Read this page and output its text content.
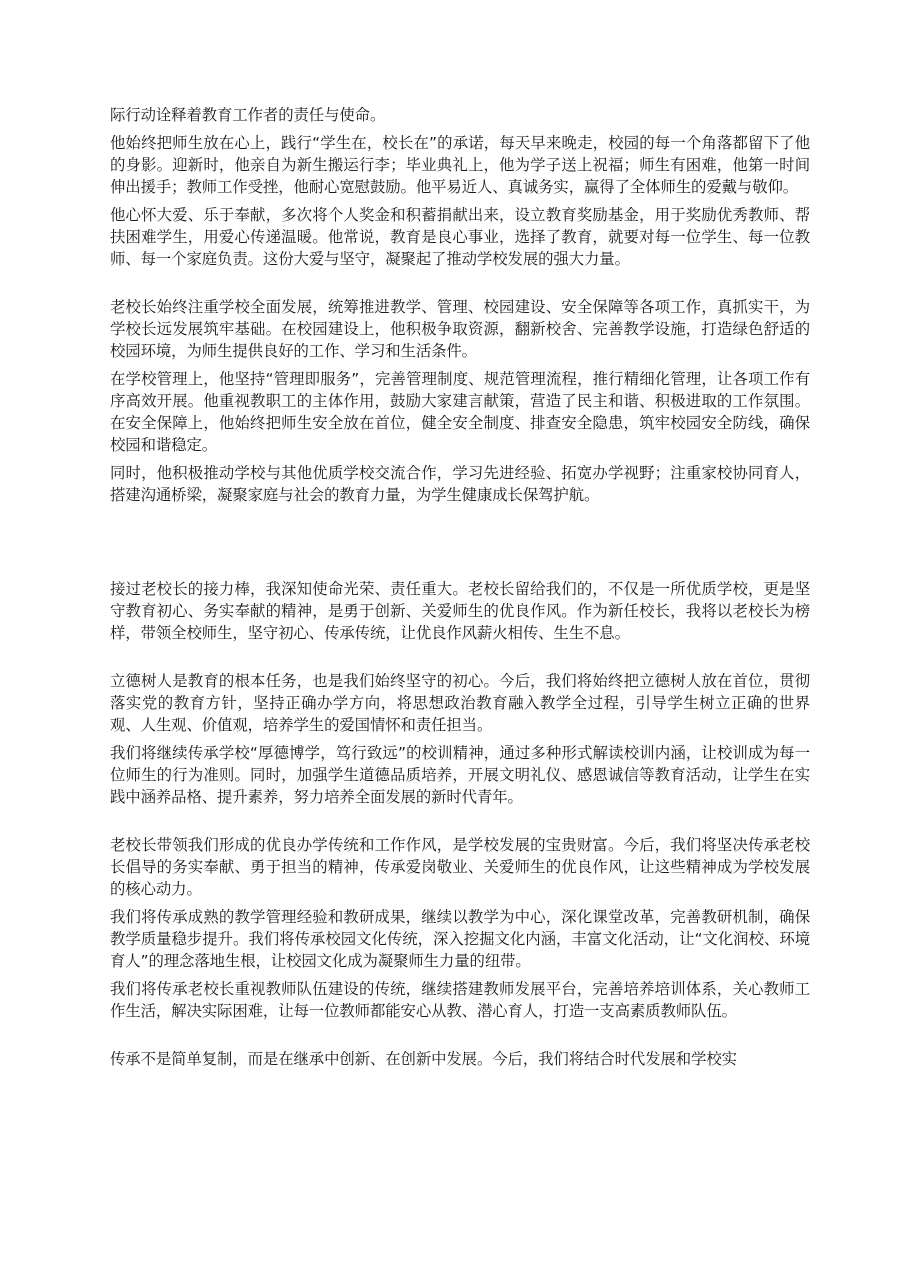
际行动诠释着教育工作者的责任与使命。

他始终把师生放在心上，践行“学生在，校长在”的承诺，每天早来晚走，校园的每一个角落都留下了他的身影。迎新时，他亲自为新生搬运行李；毕业典礼上，他为学子送上祝福；师生有困难，他第一时间伸出援手；教师工作受挫，他耐心宽慰鼓励。他平易近人、真诚务实，赢得了全体师生的爱戴与敬仰。

他心怀大爱、乐于奉献，多次将个人奖金和积蓄捐献出来，设立教育奖励基金，用于奖励优秀教师、帮扶困难学生，用爱心传递温暖。他常说，教育是良心事业，选择了教育，就要对每一位学生、每一位教师、每一个家庭负责。这份大爱与坚守，凝聚起了推动学校发展的强大力量。

老校长始终注重学校全面发展，统筹推进教学、管理、校园建设、安全保障等各项工作，真抓实干，为学校长远发展筑牢基础。在校园建设上，他积极争取资源，翻新校舍、完善教学设施，打造绿色舒适的校园环境，为师生提供良好的工作、学习和生活条件。

在学校管理上，他坚持“管理即服务”，完善管理制度、规范管理流程，推行精细化管理，让各项工作有序高效开展。他重视教职工的主体作用，鼓励大家建言献策，营造了民主和谐、积极进取的工作氛围。在安全保障上，他始终把师生安全放在首位，健全安全制度、排查安全隐患，筑牢校园安全防线，确保校园和谐稳定。

同时，他积极推动学校与其他优质学校交流合作，学习先进经验、拓宽办学视野；注重家校协同育人，搭建沟通桥梁，凝聚家庭与社会的教育力量，为学生健康成长保驾护航。

接过老校长的接力棒，我深知使命光荣、责任重大。老校长留给我们的，不仅是一所优质学校，更是坚守教育初心、务实奉献的精神，是勇于创新、关爱师生的优良作风。作为新任校长，我将以老校长为榜样，带领全校师生，坚守初心、传承传统，让优良作风薪火相传、生生不息。

立德树人是教育的根本任务，也是我们始终坚守的初心。今后，我们将始终把立德树人放在首位，贯彻落实党的教育方针，坚持正确办学方向，将思想政治教育融入教学全过程，引导学生树立正确的世界观、人生观、价值观，培养学生的爱国情怀和责任担当。

我们将继续传承学校“厚德博学，笃行致远”的校训精神，通过多种形式解读校训内涵，让校训成为每一位师生的行为准则。同时，加强学生道德品质培养，开展文明礼仪、感恩诚信等教育活动，让学生在实践中涵养品格、提升素养，努力培养全面发展的新时代青年。

老校长带领我们形成的优良办学传统和工作作风，是学校发展的宝贵财富。今后，我们将坚决传承老校长倡导的务实奉献、勇于担当的精神，传承爱岗敬业、关爱师生的优良作风，让这些精神成为学校发展的核心动力。

我们将传承成熟的教学管理经验和教研成果，继续以教学为中心，深化课堂改革，完善教研机制，确保教学质量稳步提升。我们将传承校园文化传统，深入挖掘文化内涵，丰富文化活动，让“文化润校、环境育人”的理念落地生根，让校园文化成为凝聚师生力量的纽带。

我们将传承老校长重视教师队伍建设的传统，继续搭建教师发展平台，完善培养培训体系，关心教师工作生活，解决实际困难，让每一位教师都能安心从教、潜心育人，打造一支高素质教师队伍。

传承不是简单复制，而是在继承中创新、在创新中发展。今后，我们将结合时代发展和学校实
